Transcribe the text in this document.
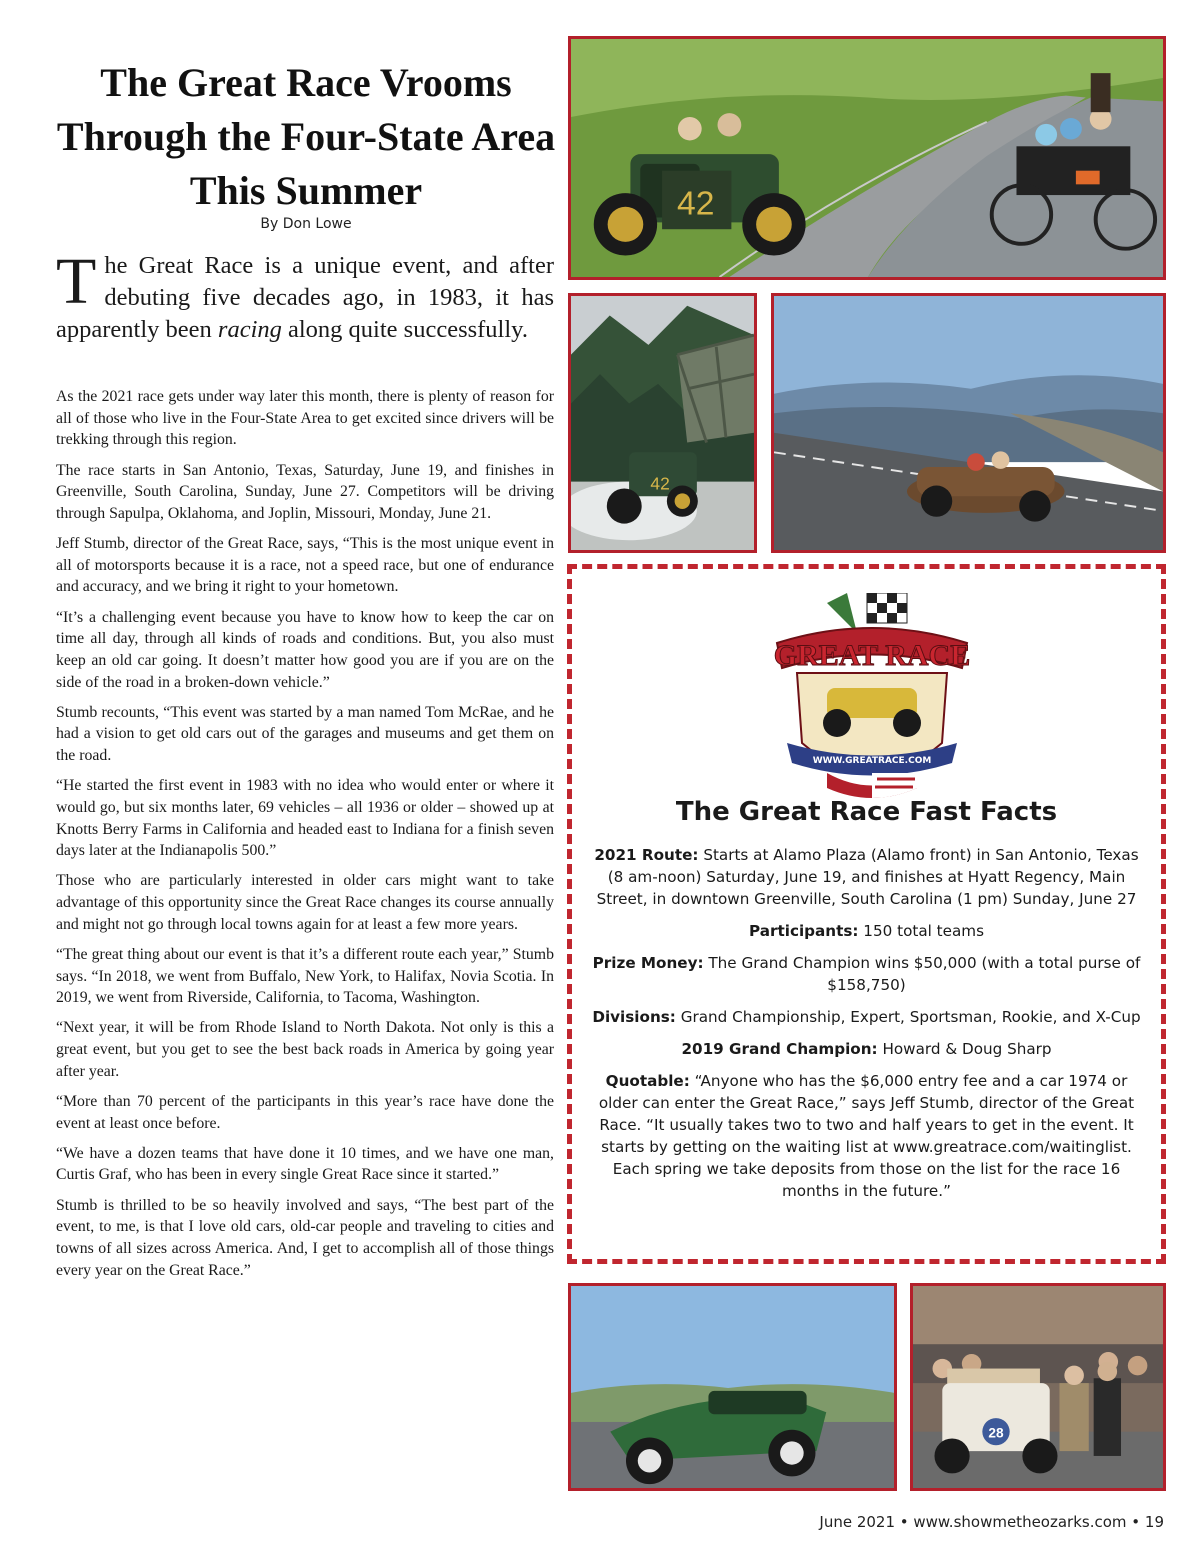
The Great Race Vrooms Through the Four-State Area This Summer
By Don Lowe

The Great Race is a unique event, and after debuting five decades ago, in 1983, it has apparently been racing along quite successfully.

As the 2021 race gets under way later this month, there is plenty of reason for all of those who live in the Four-State Area to get excited since drivers will be trekking through this region.

The race starts in San Antonio, Texas, Saturday, June 19, and finishes in Greenville, South Carolina, Sunday, June 27. Competitors will be driving through Sapulpa, Oklahoma, and Joplin, Missouri, Monday, June 21.

Jeff Stumb, director of the Great Race, says, “This is the most unique event in all of motorsports because it is a race, not a speed race, but one of endurance and accuracy, and we bring it right to your hometown.

“It’s a challenging event because you have to know how to keep the car on time all day, through all kinds of roads and conditions. But, you also must keep an old car going. It doesn’t matter how good you are if you are on the side of the road in a broken-down vehicle.”

Stumb recounts, “This event was started by a man named Tom McRae, and he had a vision to get old cars out of the garages and museums and get them on the road.

“He started the first event in 1983 with no idea who would enter or where it would go, but six months later, 69 vehicles – all 1936 or older – showed up at Knotts Berry Farms in California and headed east to Indiana for a finish seven days later at the Indianapolis 500.”

Those who are particularly interested in older cars might want to take advantage of this opportunity since the Great Race changes its course annually and might not go through local towns again for at least a few more years.

“The great thing about our event is that it’s a different route each year,” Stumb says. “In 2018, we went from Buffalo, New York, to Halifax, Novia Scotia. In 2019, we went from Riverside, California, to Tacoma, Washington.

“Next year, it will be from Rhode Island to North Dakota. Not only is this a great event, but you get to see the best back roads in America by going year after year.

“More than 70 percent of the participants in this year’s race have done the event at least once before.

“We have a dozen teams that have done it 10 times, and we have one man, Curtis Graf, who has been in every single Great Race since it started.”

Stumb is thrilled to be so heavily involved and says, “The best part of the event, to me, is that I love old cars, old-car people and traveling to cities and towns of all sizes across America. And, I get to accomplish all of those things every year on the Great Race.”

42
42
GREAT RACE
WWW.GREATRACE.COM
The Great Race Fast Facts
2021 Route: Starts at Alamo Plaza (Alamo front) in San Antonio, Texas (8 am-noon) Saturday, June 19, and finishes at Hyatt Regency, Main Street, in downtown Greenville, South Carolina (1 pm) Sunday, June 27
Participants: 150 total teams
Prize Money: The Grand Champion wins $50,000 (with a total purse of $158,750)
Divisions: Grand Championship, Expert, Sportsman, Rookie, and X-Cup
2019 Grand Champion: Howard & Doug Sharp
Quotable: “Anyone who has the $6,000 entry fee and a car 1974 or older can enter the Great Race,” says Jeff Stumb, director of the Great Race. “It usually takes two to two and half years to get in the event. It starts by getting on the waiting list at www.greatrace.com/waitinglist. Each spring we take deposits from those on the list for the race 16 months in the future.”
28
June 2021 • www.showmetheozarks.com • 19
